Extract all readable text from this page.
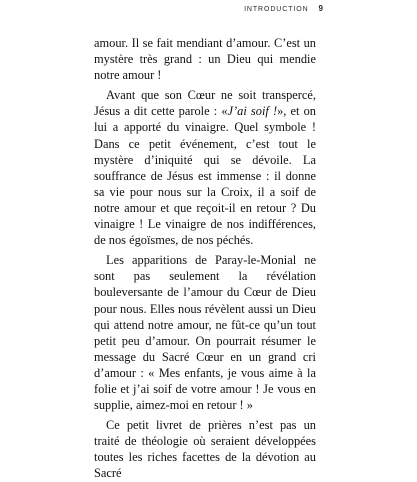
INTRODUCTION 9

amour. Il se fait mendiant d’amour. C’est un mystère très grand : un Dieu qui mendie notre amour !

Avant que son Cœur ne soit transpercé, Jésus a dit cette parole : «J’ai soif !», et on lui a apporté du vinaigre. Quel symbole ! Dans ce petit événement, c’est tout le mystère d’iniquité qui se dévoile. La souffrance de Jésus est immense : il donne sa vie pour nous sur la Croix, il a soif de notre amour et que reçoit-il en retour ? Du vinaigre ! Le vinaigre de nos indifférences, de nos égoïsmes, de nos péchés.

Les apparitions de Paray-le-Monial ne sont pas seulement la révélation bouleversante de l’amour du Cœur de Dieu pour nous. Elles nous révèlent aussi un Dieu qui attend notre amour, ne fût-ce qu’un tout petit peu d’amour. On pourrait résumer le message du Sacré Cœur en un grand cri d’amour : « Mes enfants, je vous aime à la folie et j’ai soif de votre amour ! Je vous en supplie, aimez-moi en retour ! »

Ce petit livret de prières n’est pas un traité de théologie où seraient développées toutes les riches facettes de la dévotion au Sacré
